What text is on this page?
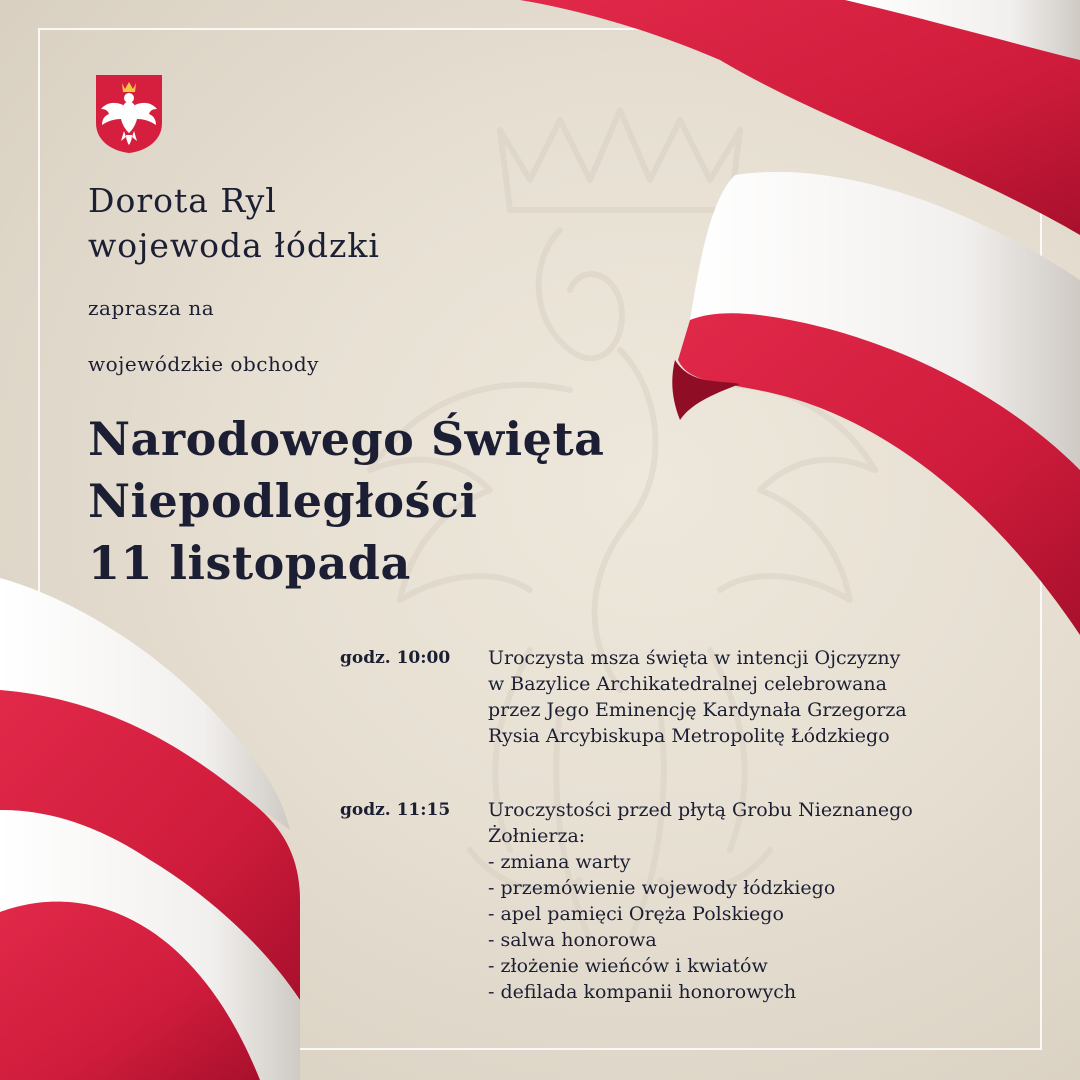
Dorota Ryl
wojewoda łódzki
zaprasza na
wojewódzkie obchody
Narodowego Święta
Niepodległości
11 listopada
godz. 10:00 Uroczysta msza święta w intencji Ojczyzny
w Bazylice Archikatedralnej celebrowana
przez Jego Eminencję Kardynała Grzegorza
Rysia Arcybiskupa Metropolitę Łódzkiego
godz. 11:15 Uroczystości przed płytą Grobu Nieznanego
Żołnierza:
- zmiana warty
- przemówienie wojewody łódzkiego
- apel pamięci Oręża Polskiego
- salwa honorowa
- złożenie wieńców i kwiatów
- defilada kompanii honorowych
